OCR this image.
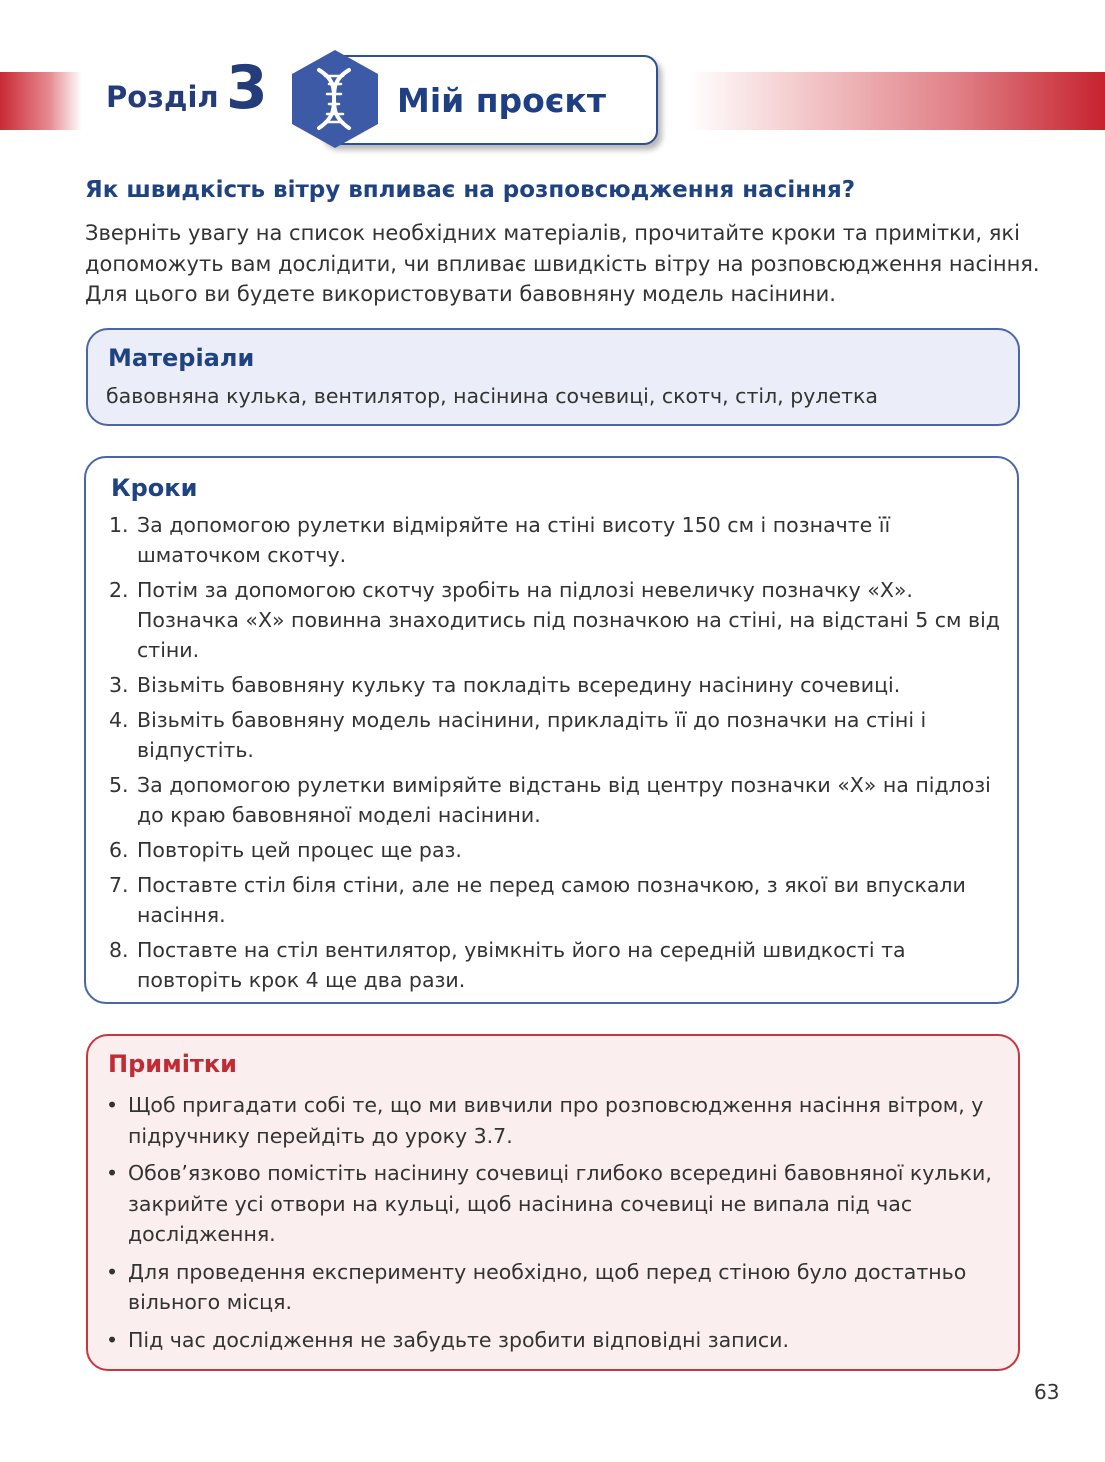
Розділ 3	Мій проєкт
Як швидкість вітру впливає на розповсюдження насіння?
Зверніть увагу на список необхідних матеріалів, прочитайте кроки та примітки, які допоможуть вам дослідити, чи впливає швидкість вітру на розповсюдження насіння. Для цього ви будете використовувати бавовняну модель насінини.
Матеріали
бавовняна кулька, вентилятор, насінина сочевиці, скотч, стіл, рулетка
Кроки
1. За допомогою рулетки відміряйте на стіні висоту 150 см і позначте її шматочком скотчу.
2. Потім за допомогою скотчу зробіть на підлозі невеличку позначку «Х». Позначка «Х» повинна знаходитись під позначкою на стіні, на відстані 5 см від стіни.
3. Візьміть бавовняну кульку та покладіть всередину насінину сочевиці.
4. Візьміть бавовняну модель насінини, прикладіть її до позначки на стіні і відпустіть.
5. За допомогою рулетки виміряйте відстань від центру позначки «Х» на підлозі до краю бавовняної моделі насінини.
6. Повторіть цей процес ще раз.
7. Поставте стіл біля стіни, але не перед самою позначкою, з якої ви впускали насіння.
8. Поставте на стіл вентилятор, увімкніть його на середній швидкості та повторіть крок 4 ще два рази.
Примітки
• Щоб пригадати собі те, що ми вивчили про розповсюдження насіння вітром, у підручнику перейдіть до уроку 3.7.
• Обов’язково помістіть насінину сочевиці глибоко всередині бавовняної кульки, закрийте усі отвори на кульці, щоб насінина сочевиці не випала під час дослідження.
• Для проведення експерименту необхідно, щоб перед стіною було достатньо вільного місця.
• Під час дослідження не забудьте зробити відповідні записи.
63
